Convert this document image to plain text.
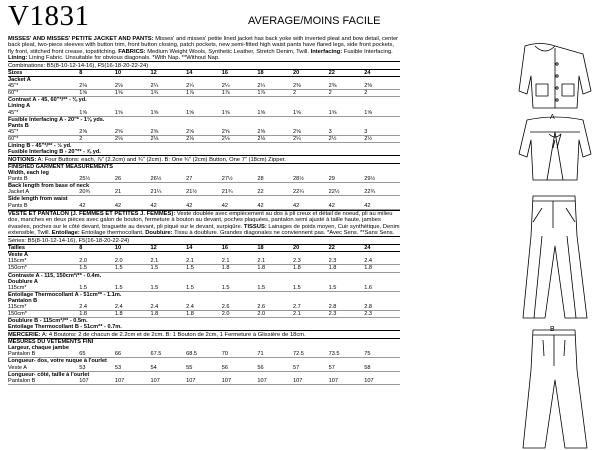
V1831	AVERAGE/MOINS FACILE

MISSES' AND MISSES' PETITE JACKET AND PANTS: Misses' and misses' petite lined jacket has back yoke with inverted pleat and bow detail, center back pleat, two-piece sleeves with button trim, front button closing, patch pockets, new semi-fitted high waist pants have flared legs, side front pockets, fly front, stitched front crease, topstitching. FABRICS: Medium Weight Wools, Synthetic Leather, Stretch Denim, Twill. Interfacing: Fusible Interfacing. Lining: Lining Fabric. Unsuitable for obvious diagonals. *With Nap. **Without Nap.

Combinations: B5(8-10-12-14-16), F5(16-18-20-22-24)

Sizes	8	10	12	14	16	18	20	22	24
Jacket A									
45"*	2⅛	2⅛	2¼	2¼	2¼	2¼	2⅜	2⅜	2⅜
60"*	1⅝	1⅝	1¾	1⅞	1⅞	1⅞	2	2	2
Contrast A - 45, 60"*/** - ⅜ yd.									
Lining A									
45"*	1⅝	1⅝	1⅝	1⅝	1⅝	1⅝	1⅝	1⅝	1⅝
Fusible Interfacing A - 20"* - 1⅛ yds.									
Pants B									
45"*	2⅝	2⅝	2⅝	2⅝	2⅝	2⅝	2⅝	3	3
60"*	2	2⅛	2⅛	2⅛	2⅛	2⅛	2¼	2½	2½
Lining B - 45"*/** - ½ yd.									
Fusible Interfacing B - 20"** - ⅝ yd.									

NOTIONS: A: Four Buttons: each, ⅞" (2.2cm) and ¾" (2cm). B: One ¾" (2cm) Button, One 7" (18cm) Zipper.

FINISHED GARMENT MEASUREMENTS									
Width, each leg									
Pants B	25½	26	26½	27	27½	28	28½	29	29½
Back length from base of neck									
Jacket A	20¾	21	21¼	21½	21¾	22	22¼	22½	22¾
Side length from waist									
Pants B	42	42	42	42	42	42	42	42	42

VESTE ET PANTALON (J. FEMMES ET PETITES J. FEMMES): Veste doublée avec empiècement au dos à pli creux et détail de noeud, pli au milieu dos, manches en deux pièces avec galon de bouton, fermeture à bouton au devant, poches plaquées, pantalon semi ajusté à taille haute, jambes évasées, poches sur le côté devant, braguette au devant, pli piqué sur le devant, surpiqûre. TISSUS: Lainages de poids moyen, Cuir synthétique, Denim extensible, Twill. Entoilage: Entoilage thermocollant. Doublure: Tissu à doublure. Grandes diagonales ne conviennent pas. *Avec Sens. **Sans Sens.

Séries: B5(8-10-12-14-16), F5(16-18-20-22-24)

Tailles	8	10	12	14	16	18	20	22	24
Veste A									
115cm*	2.0	2.0	2.1	2.1	2.1	2.1	2.3	2.3	2.4
150cm*	1.5	1.5	1.5	1.5	1.8	1.8	1.8	1.8	1.8
Contraste A - 115, 150cm*/** - 0.4m.									
Doublure A									
115cm*	1.5	1.5	1.5	1.5	1.5	1.5	1.5	1.5	1.6
Entoilage Thermocollant A - 51cm** - 1.1m.									
Pantalon B									
115cm*	2.4	2.4	2.4	2.4	2.6	2.6	2.7	2.8	2.8
150cm*	1.8	1.8	1.8	1.8	2.0	2.0	2.1	2.3	2.3
Doublure B - 115cm*/** - 0.5m.									
Entoilage Thermocollant B - 51cm** - 0.7m.									

MERCERIE: A: 4 Boutons: 2 de chacun de 2.2cm et de 2cm. B: 1 Bouton de 2cm, 1 Fermeture à Glissière de 18cm.

MESURES DU VÊTEMENTS FINI									
Largeur, chaque jambe									
Pantalon B	65	66	67.5	68.5	70	71	72.5	73.5	75
Longueur- dos, votre nuque à l'ourlet									
Veste A	53	53	54	55	56	56	57	57	58
Longueur- côté, taille à l'ourlet									
Pantalon B	107	107	107	107	107	107	107	107	107
A
B
